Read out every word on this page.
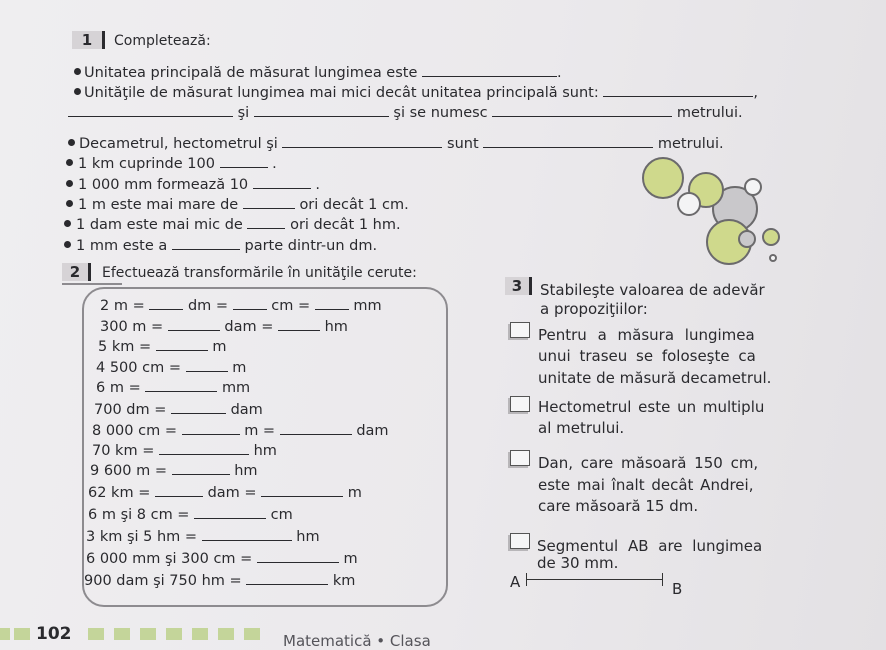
1	Completează:
Unitatea principală de măsurat lungimea este	.
Unităţile de măsurat lungimea mai mici decât unitatea principală sunt:	,
şi	şi se numesc	metrului.
Decametrul, hectometrul şi	sunt	metrului.
1 km cuprinde 100	.
1 000 mm formează 10	.
1 m este mai mare de	ori decât 1 cm.
1 dam este mai mic de	ori decât 1 hm.
1 mm este a	parte dintr-un dm.
2	Efectuează transformările în unităţile cerute:
2 m =	dm =	cm =	mm
300 m =	dam =	hm
5 km =	m
4 500 cm =	m
6 m =	mm
700 dm =	dam
8 000 cm =	m =	dam
70 km =	hm
9 600 m =	hm
62 km =	dam =	m
6 m şi 8 cm =	cm
3 km şi 5 hm =	hm
6 000 mm şi 300 cm =	m
900 dam şi 750 hm =	km
3	Stabileşte valoarea de adevăr
a propoziţiilor:
Pentru a măsura lungimea
unui traseu se foloseşte ca
unitate de măsură decametrul.
Hectometrul este un multiplu
al metrului.
Dan, care măsoară 150 cm,
este mai înalt decât Andrei,
care măsoară 15 dm.
Segmentul AB are lungimea
de 30 mm.
A	B
102	Matematică • Clasa
